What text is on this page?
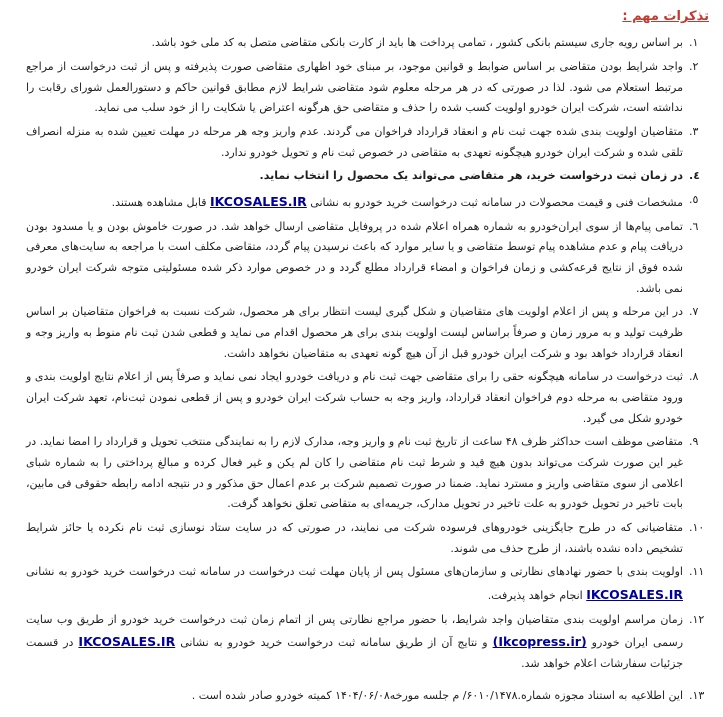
تذکرات مهم :
۱.
بر اساس رویه جاری سیستم بانکی کشور ، تمامی پرداخت ها باید از کارت بانکی متقاضی متصل به کد ملی خود باشد.
۲.
واجد شرایط بودن متقاضی بر اساس ضوابط و قوانین موجود، بر مبنای خود اظهاری متقاضی صورت پذیرفته و پس از ثبت درخواست از مراجع مرتبط استعلام می شود. لذا در صورتی که در هر مرحله معلوم شود متقاضی شرایط لازم مطابق قوانین حاکم و دستورالعمل شورای رقابت را نداشته است، شرکت ایران خودرو اولویت کسب شده را حذف و متقاضی حق هرگونه اعتراض یا شکایت را از خود سلب می نماید.
۳.
متقاضیان اولویت بندی شده جهت ثبت نام و انعقاد قرارداد فراخوان می گردند. عدم واریز وجه هر مرحله در مهلت تعیین شده به منزله انصراف تلقی شده و شرکت ایران خودرو هیچگونه تعهدی به متقاضی در خصوص ثبت نام و تحویل خودرو ندارد.
٤.
در زمان ثبت درخواست خرید، هر متقاضی می‌تواند یک محصول را انتخاب نماید.
٥.
مشخصات فنی و قیمت محصولات در سامانه ثبت درخواست خرید خودرو به نشانی IKCOSALES.IR قابل مشاهده هستند.
٦.
تمامی پیام‌ها از سوی ایران‌خودرو به شماره همراه اعلام شده در پروفایل متقاضی ارسال خواهد شد. در صورت خاموش بودن و یا مسدود بودن دریافت پیام و عدم مشاهده پیام توسط متقاضی و یا سایر موارد که باعث نرسیدن پیام گردد، متقاضی مکلف است با مراجعه به سایت‌های معرفی شده فوق از نتایج قرعه‌کشی و زمان فراخوان و امضاء قرارداد مطلع گردد و در خصوص موارد ذکر شده مسئولیتی متوجه شرکت ایران خودرو نمی باشد.
۷.
در این مرحله و پس از اعلام اولویت های متقاضیان و شکل گیری لیست انتظار برای هر محصول، شرکت نسبت به فراخوان متقاضیان بر اساس ظرفیت تولید و به مرور زمان و صرفاً براساس لیست اولویت بندی برای هر محصول اقدام می نماید و قطعی شدن ثبت نام منوط به واریز وجه و انعقاد قرارداد خواهد بود و شرکت ایران خودرو قبل از آن هیچ گونه تعهدی به متقاضیان نخواهد داشت.
۸.
ثبت درخواست در سامانه هیچگونه حقی را برای متقاضی جهت ثبت نام و دریافت خودرو ایجاد نمی نماید و صرفاً پس از اعلام نتایج اولویت بندی و ورود متقاضی به مرحله دوم فراخوان انعقاد قرارداد، واریز وجه به حساب شرکت ایران خودرو و پس از قطعی نمودن ثبت‌نام، تعهد شرکت ایران خودرو شکل می گیرد.
۹.
متقاضی موظف است حداکثر ظرف ۴۸ ساعت از تاریخ ثبت نام و واریز وجه، مدارک لازم را به نمایندگی منتخب تحویل و قرارداد را امضا نماید. در غیر این صورت شرکت می‌تواند بدون هیچ قید و شرط ثبت نام متقاضی را کان لم یکن و غیر فعال کرده و مبالغ پرداختی را به شماره شبای اعلامی از سوی متقاضی واریز و مسترد نماید. ضمنا در صورت تصمیم شرکت بر عدم اعمال حق مذکور و در نتیجه ادامه رابطه حقوقی فی مابین، بابت تاخیر در تحویل خودرو به علت تاخیر در تحویل مدارک، جریمه‌ای به متقاضی تعلق نخواهد گرفت.
۱۰.
متقاضیانی که در طرح جایگزینی خودروهای فرسوده شرکت می نمایند، در صورتی که در سایت ستاد نوسازی ثبت نام نکرده یا حائز شرایط تشخیص داده نشده باشند، از طرح حذف می شوند.
۱۱.
اولویت بندی با حضور نهادهای نظارتی و سازمان‌های مسئول پس از پایان مهلت ثبت درخواست در سامانه ثبت درخواست خرید خودرو به نشانی IKCOSALES.IR انجام خواهد پذیرفت.
۱۲.
زمان مراسم اولویت بندی متقاضیان واجد شرایط، با حضور مراجع نظارتی پس از اتمام زمان ثبت درخواست خرید خودرو از طریق وب سایت رسمی ایران خودرو (Ikcopress.ir) و نتایج آن از طریق سامانه ثبت درخواست خرید خودرو به نشانی IKCOSALES.IR در قسمت جزئیات سفارشات اعلام خواهد شد.
۱۳.
این اطلاعیه به استناد مجوزه شماره.۶۰۱۰/۱۴۷۸/ م جلسه مورخه۱۴۰۴/۰۶/۰۸ کمیته خودرو صادر شده است .
